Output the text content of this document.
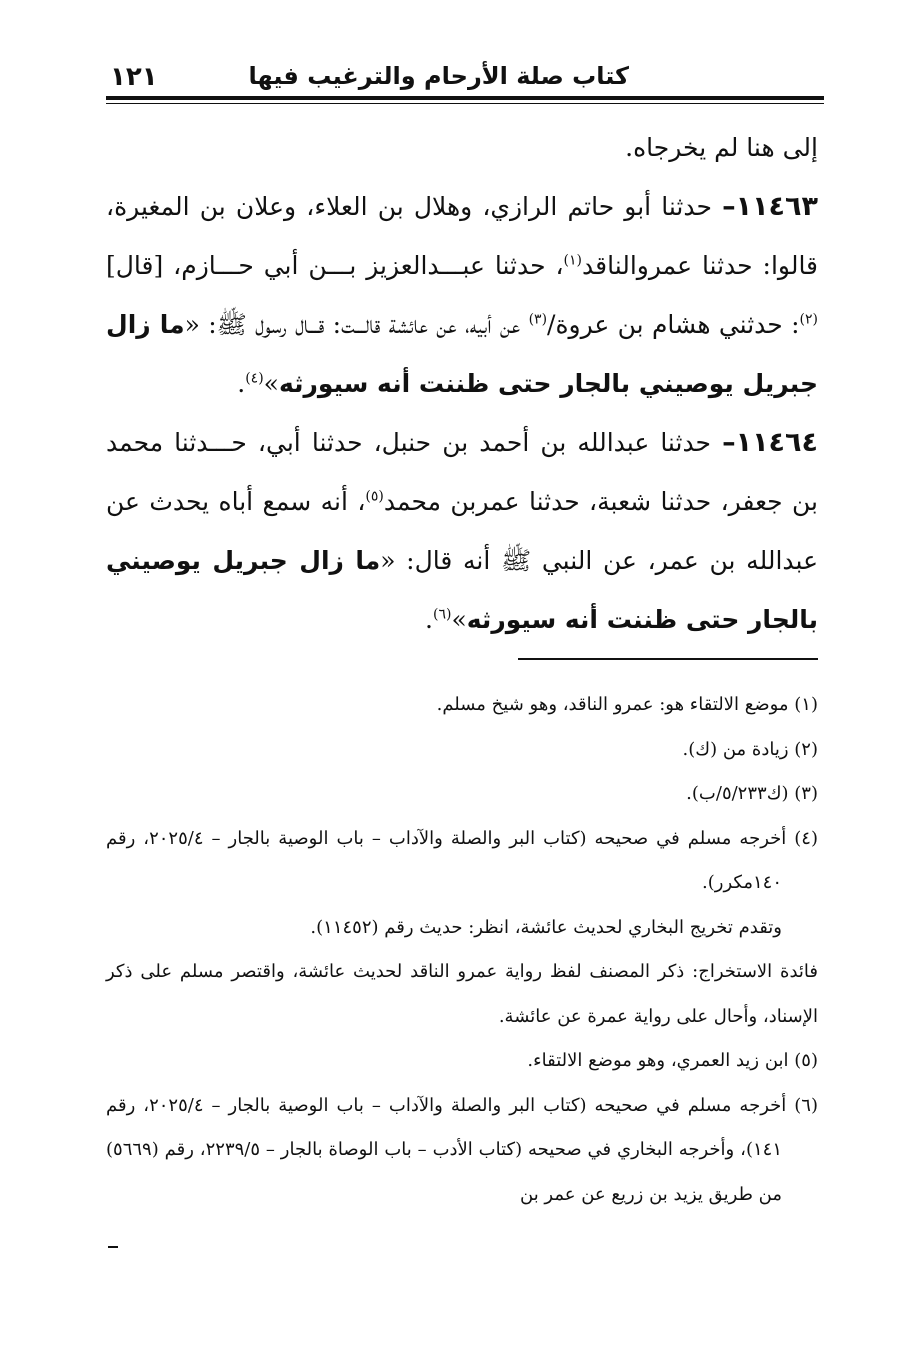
كتاب صلة الأرحام والترغيب فيها
١٢١

إلى هنا لم يخرجاه.

١١٤٦٣– حدثنا أبو حاتم الرازي، وهلال بن العلاء، وعلان بن المغيرة، قالوا: حدثنا عمروالناقد$^{(١)}$، حدثنا عبـــدالعزيز بـــن أبي حـــازم، [قال]$^{(٢)}$: حدثني هشام بن عروة/$^{(٣)}$ عن أبيه، عن عائشة قالـــت: قـــال رسول ﷺ: «ما زال جبريل يوصيني بالجار حتى ظننت أنه سيورثه»$^{(٤)}$.

١١٤٦٤– حدثنا عبدالله بن أحمد بن حنبل، حدثنا أبي، حـــدثنا محمد بن جعفر، حدثنا شعبة، حدثنا عمربن محمد$^{(٥)}$، أنه سمع أباه يحدث عن عبدالله بن عمر، عن النبي ﷺ أنه قال: «ما زال جبريل يوصيني بالجار حتى ظننت أنه سيورثه»$^{(٦)}$.

(١) موضع الالتقاء هو: عمرو الناقد، وهو شيخ مسلم.

(٢) زيادة من (ك).

(٣) (ك٥/٢٣٣/ب).

(٤) أخرجه مسلم في صحيحه (كتاب البر والصلة والآداب – باب الوصية بالجار – ٢٠٢٥/٤، رقم ١٤٠مكرر).

وتقدم تخريج البخاري لحديث عائشة، انظر: حديث رقم (١١٤٥٢).

فائدة الاستخراج: ذكر المصنف لفظ رواية عمرو الناقد لحديث عائشة، واقتصر مسلم على ذكر الإسناد، وأحال على رواية عمرة عن عائشة.

(٥) ابن زيد العمري، وهو موضع الالتقاء.

(٦) أخرجه مسلم في صحيحه (كتاب البر والصلة والآداب – باب الوصية بالجار – ٢٠٢٥/٤، رقم ١٤١)، وأخرجه البخاري في صحيحه (كتاب الأدب – باب الوصاة بالجار – ٢٢٣٩/٥، رقم (٥٦٦٩) من طريق يزيد بن زريع عن عمر بن
